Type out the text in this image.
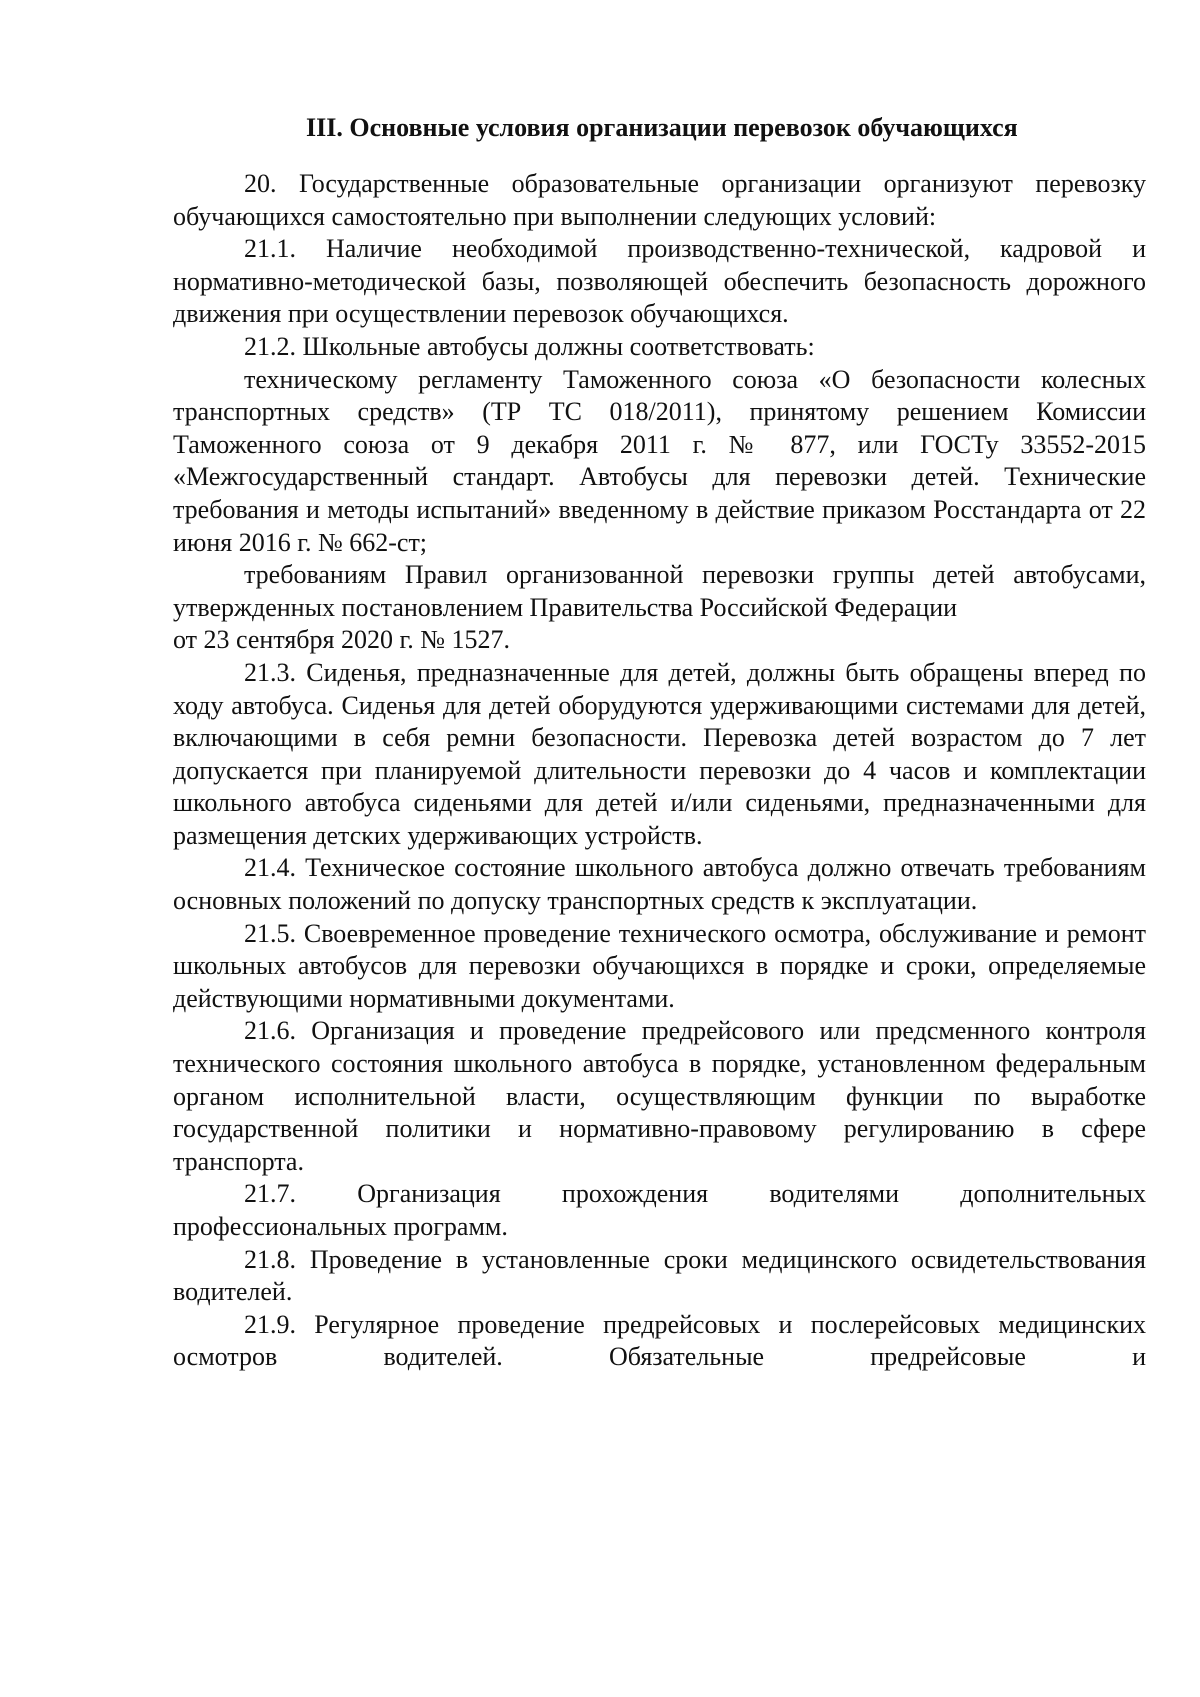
III. Основные условия организации перевозок обучающихся

20. Государственные образовательные организации организуют перевозку обучающихся самостоятельно при выполнении следующих условий:

21.1. Наличие необходимой производственно-технической, кадровой и нормативно-методической базы, позволяющей обеспечить безопасность дорожного движения при осуществлении перевозок обучающихся.

21.2. Школьные автобусы должны соответствовать:

техническому регламенту Таможенного союза «О безопасности колесных транспортных средств» (ТР ТС 018/2011), принятому решением Комиссии Таможенного союза от 9 декабря 2011 г. № 877, или ГОСТу 33552-2015 «Межгосударственный стандарт. Автобусы для перевозки детей. Технические требования и методы испытаний» введенному в действие приказом Росстандарта от 22 июня 2016 г. № 662-ст;

требованиям Правил организованной перевозки группы детей автобусами, утвержденных постановлением Правительства Российской Федерации

от 23 сентября 2020 г. № 1527.

21.3. Сиденья, предназначенные для детей, должны быть обращены вперед по ходу автобуса. Сиденья для детей оборудуются удерживающими системами для детей, включающими в себя ремни безопасности. Перевозка детей возрастом до 7 лет допускается при планируемой длительности перевозки до 4 часов и комплектации школьного автобуса сиденьями для детей и/или сиденьями, предназначенными для размещения детских удерживающих устройств.

21.4. Техническое состояние школьного автобуса должно отвечать требованиям основных положений по допуску транспортных средств к эксплуатации.

21.5. Своевременное проведение технического осмотра, обслуживание и ремонт школьных автобусов для перевозки обучающихся в порядке и сроки, определяемые действующими нормативными документами.

21.6. Организация и проведение предрейсового или предсменного контроля технического состояния школьного автобуса в порядке, установленном федеральным органом исполнительной власти, осуществляющим функции по выработке государственной политики и нормативно-правовому регулированию в сфере транспорта.

21.7. Организация прохождения водителями дополнительных профессиональных программ.

21.8. Проведение в установленные сроки медицинского освидетельствования водителей.

21.9. Регулярное проведение предрейсовых и послерейсовых медицинских осмотров водителей. Обязательные предрейсовые и
